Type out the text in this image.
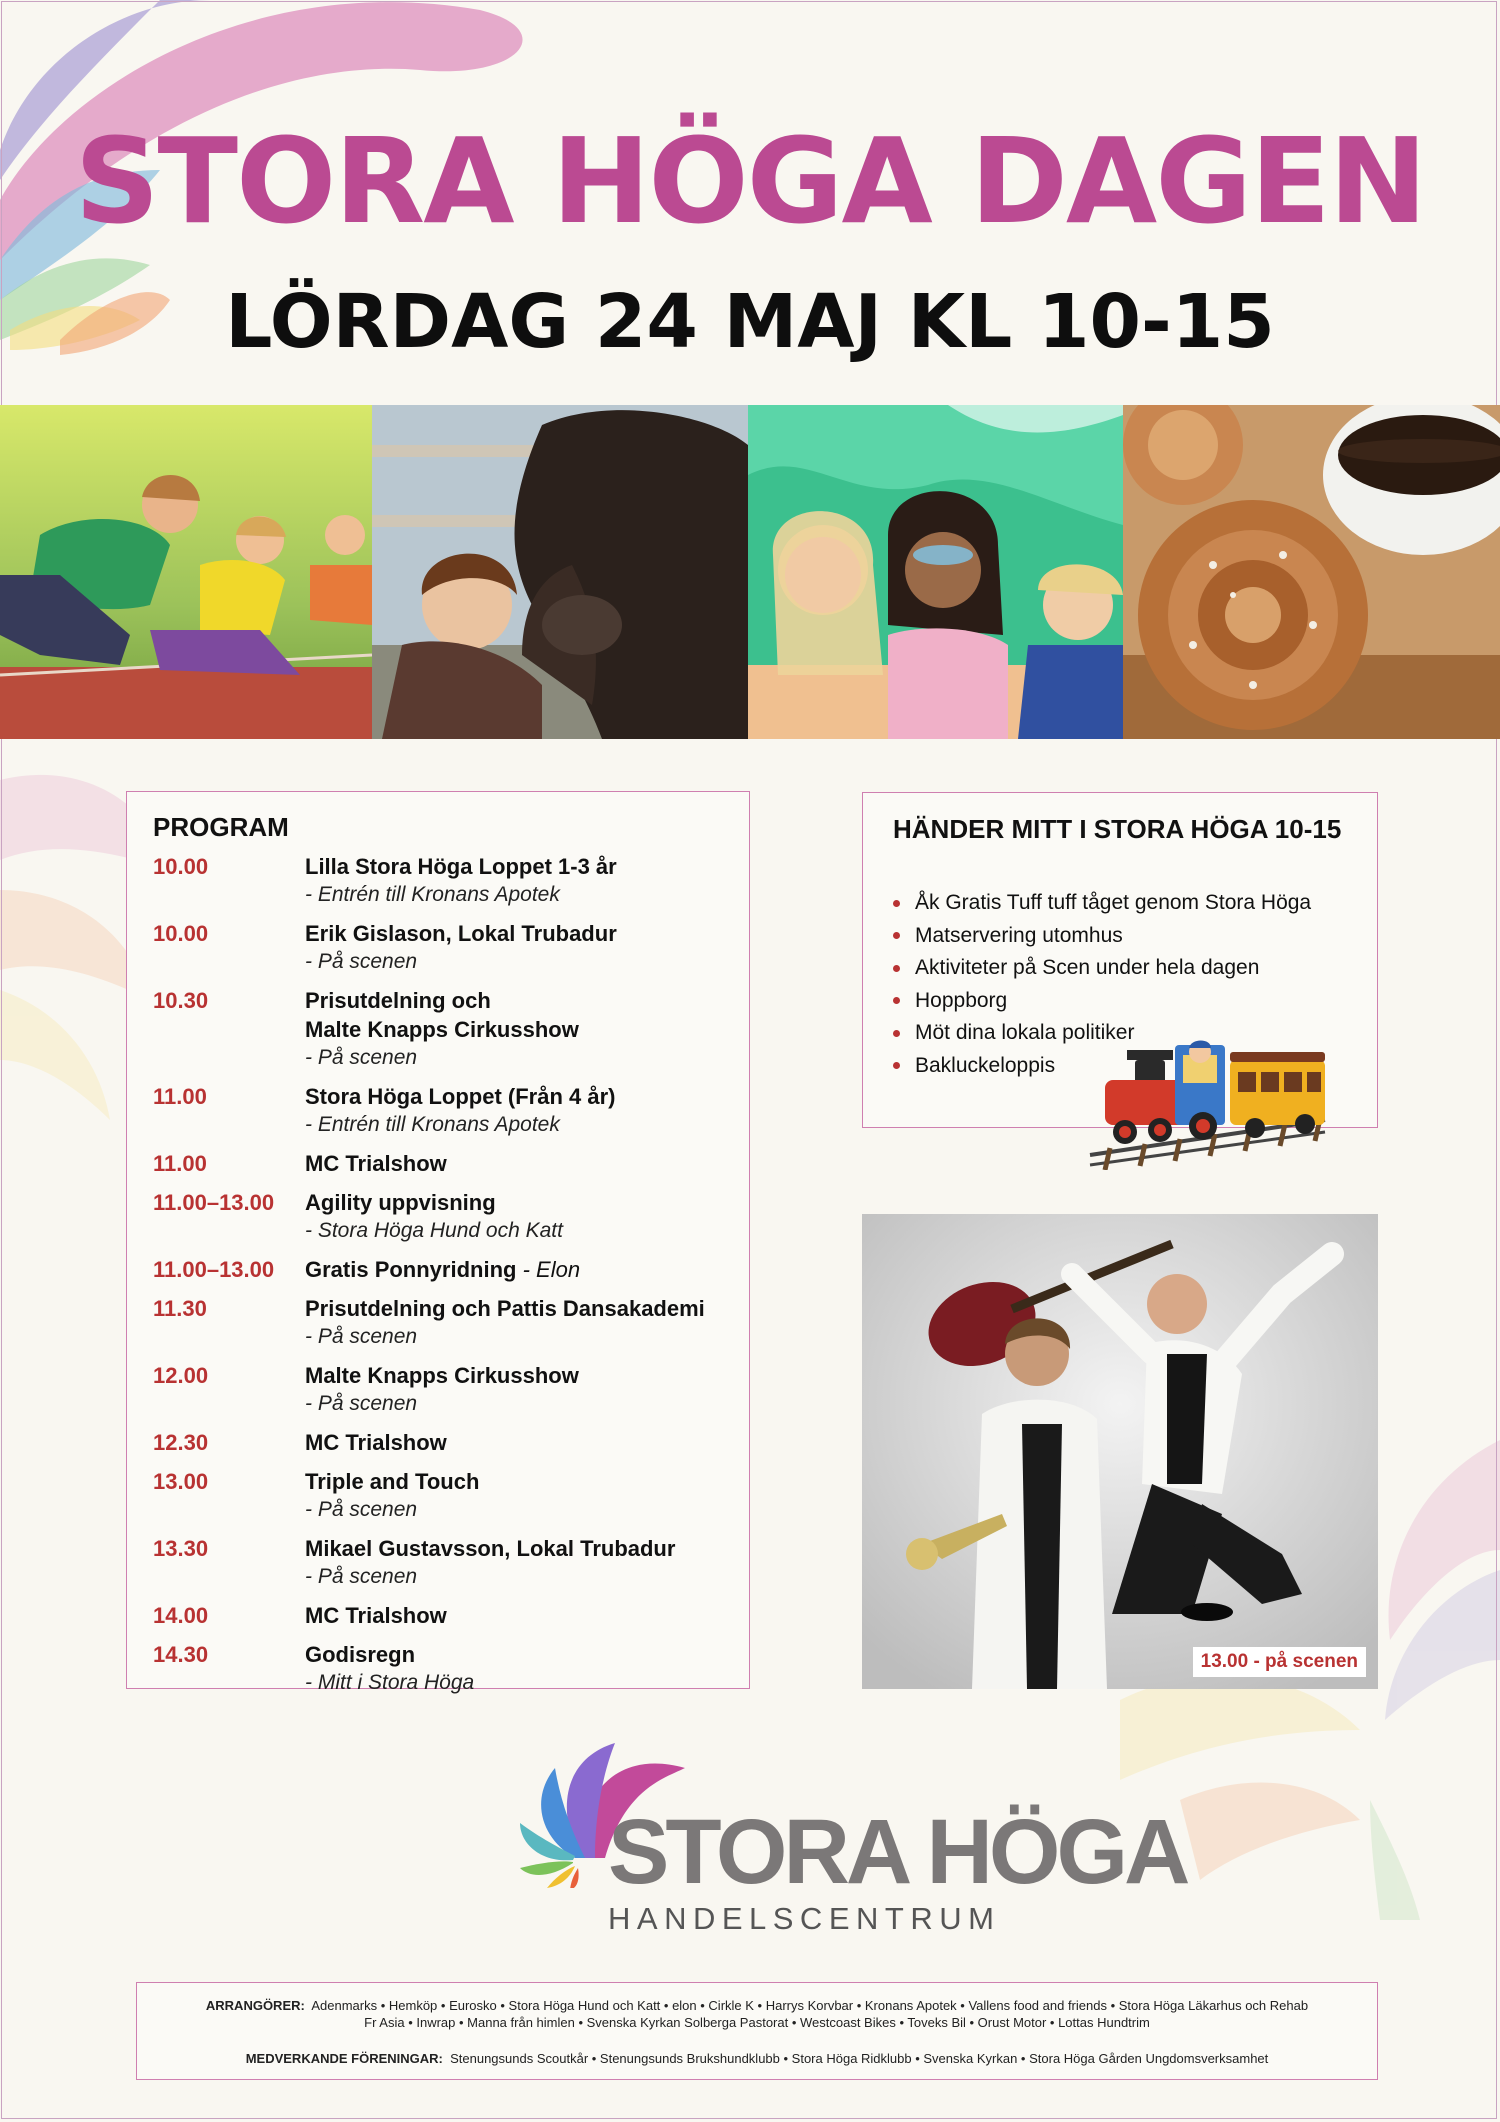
STORA HÖGA DAGEN
LÖRDAG 24 MAJ KL 10-15
PROGRAM
10.00	Lilla Stora Höga Loppet 1-3 år
- Entrén till Kronans Apotek
10.00	Erik Gislason, Lokal Trubadur
- På scenen
10.30	Prisutdelning och
Malte Knapps Cirkusshow
- På scenen
11.00	Stora Höga Loppet (Från 4 år)
- Entrén till Kronans Apotek
11.00	MC Trialshow
11.00–13.00	Agility uppvisning
- Stora Höga Hund och Katt
11.00–13.00	Gratis Ponnyridning - Elon
11.30	Prisutdelning och Pattis Dansakademi
- På scenen
12.00	Malte Knapps Cirkusshow
- På scenen
12.30	MC Trialshow
13.00	Triple and Touch
- På scenen
13.30	Mikael Gustavsson, Lokal Trubadur
- På scenen
14.00	MC Trialshow
14.30	Godisregn
- Mitt i Stora Höga
HÄNDER MITT I STORA HÖGA 10-15
Åk Gratis Tuff tuff tåget genom Stora Höga
Matservering utomhus
Aktiviteter på Scen under hela dagen
Hoppborg
Möt dina lokala politiker
Bakluckeloppis
13.00 - på scenen
STORA HÖGA
HANDELSCENTRUM

ARRANGÖRER: Adenmarks • Hemköp • Eurosko • Stora Höga Hund och Katt • elon • Cirkle K • Harrys Korvbar • Kronans Apotek • Vallens food and friends • Stora Höga Läkarhus och Rehab

Fr Asia • Inwrap • Manna från himlen • Svenska Kyrkan Solberga Pastorat • Westcoast Bikes • Toveks Bil • Orust Motor • Lottas Hundtrim

MEDVERKANDE FÖRENINGAR: Stenungsunds Scoutkår • Stenungsunds Brukshundklubb • Stora Höga Ridklubb • Svenska Kyrkan • Stora Höga Gården Ungdomsverksamhet
